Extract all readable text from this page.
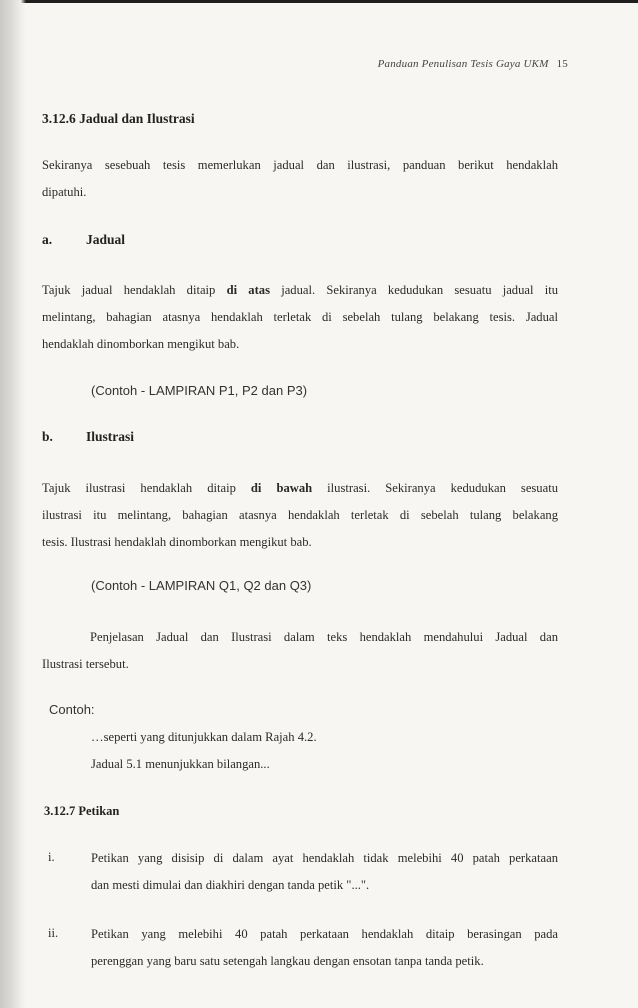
Panduan Penulisan Tesis Gaya UKM 15
3.12.6 Jadual dan Ilustrasi
Sekiranya sesebuah tesis memerlukan jadual dan ilustrasi, panduan berikut hendaklah
dipatuhi.
a.	Jadual
Tajuk jadual hendaklah ditaip di atas jadual. Sekiranya kedudukan sesuatu jadual itu
melintang, bahagian atasnya hendaklah terletak di sebelah tulang belakang tesis. Jadual
hendaklah dinomborkan mengikut bab.
(Contoh - LAMPIRAN P1, P2 dan P3)
b. Ilustrasi
Tajuk ilustrasi hendaklah ditaip di bawah ilustrasi. Sekiranya kedudukan sesuatu
ilustrasi itu melintang, bahagian atasnya hendaklah terletak di sebelah tulang belakang
tesis. Ilustrasi hendaklah dinomborkan mengikut bab.
(Contoh - LAMPIRAN Q1, Q2 dan Q3)
Penjelasan Jadual dan Ilustrasi dalam teks hendaklah mendahului Jadual dan
Ilustrasi tersebut.
Contoh:
…seperti yang ditunjukkan dalam Rajah 4.2.
Jadual 5.1 menunjukkan bilangan...
3.12.7 Petikan
i.	Petikan yang disisip di dalam ayat hendaklah tidak melebihi 40 patah perkataan
dan mesti dimulai dan diakhiri dengan tanda petik "...".
ii.	Petikan yang melebihi 40 patah perkataan hendaklah ditaip berasingan pada
perenggan yang baru satu setengah langkau dengan ensotan tanpa tanda petik.
